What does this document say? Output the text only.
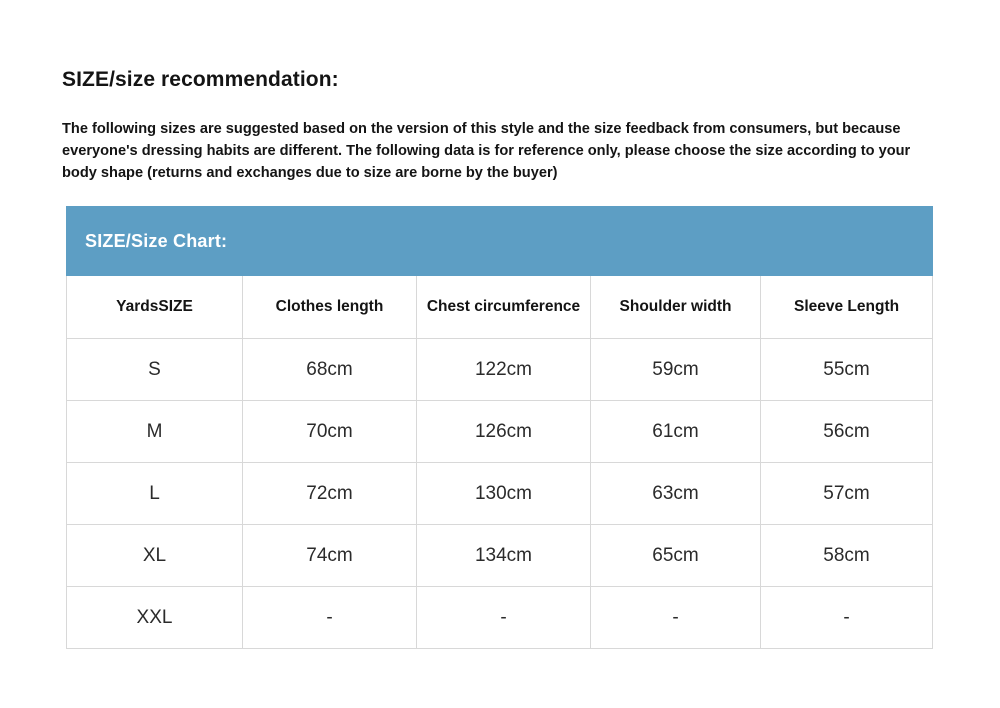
SIZE/size recommendation:
The following sizes are suggested based on the version of this style and the size feedback from consumers, but because everyone's dressing habits are different. The following data is for reference only, please choose the size according to your body shape (returns and exchanges due to size are borne by the buyer)
SIZE/Size Chart:				

YardsSIZE	Clothes length	Chest circumference	Shoulder width	Sleeve Length
S	68cm	122cm	59cm	55cm
M	70cm	126cm	61cm	56cm
L	72cm	130cm	63cm	57cm
XL	74cm	134cm	65cm	58cm
XXL	-	-	-	-
